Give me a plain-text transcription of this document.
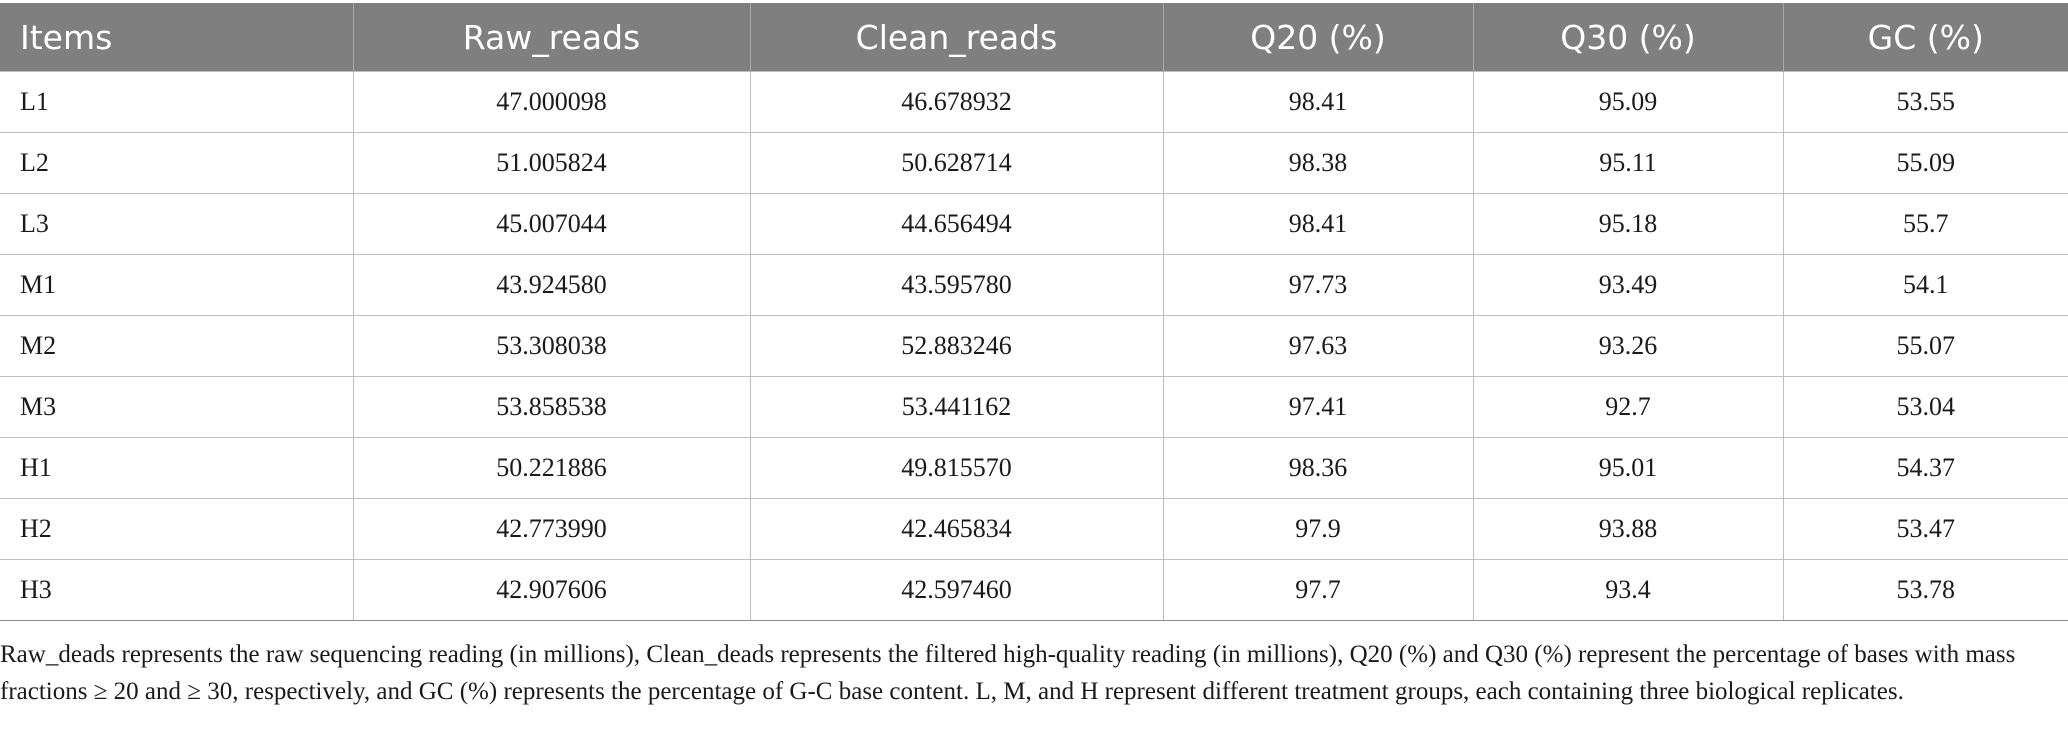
Items	Raw_reads	Clean_reads	Q20 (%)	Q30 (%)	GC (%)
L1	47.000098	46.678932	98.41	95.09	53.55
L2	51.005824	50.628714	98.38	95.11	55.09
L3	45.007044	44.656494	98.41	95.18	55.7
M1	43.924580	43.595780	97.73	93.49	54.1
M2	53.308038	52.883246	97.63	93.26	55.07
M3	53.858538	53.441162	97.41	92.7	53.04
H1	50.221886	49.815570	98.36	95.01	54.37
H2	42.773990	42.465834	97.9	93.88	53.47
H3	42.907606	42.597460	97.7	93.4	53.78

Raw_deads represents the raw sequencing reading (in millions), Clean_deads represents the filtered high-quality reading (in millions), Q20 (%) and Q30 (%) represent the percentage of bases with mass fractions ≥ 20 and ≥ 30, respectively, and GC (%) represents the percentage of G-C base content. L, M, and H represent different treatment groups, each containing three biological replicates.
